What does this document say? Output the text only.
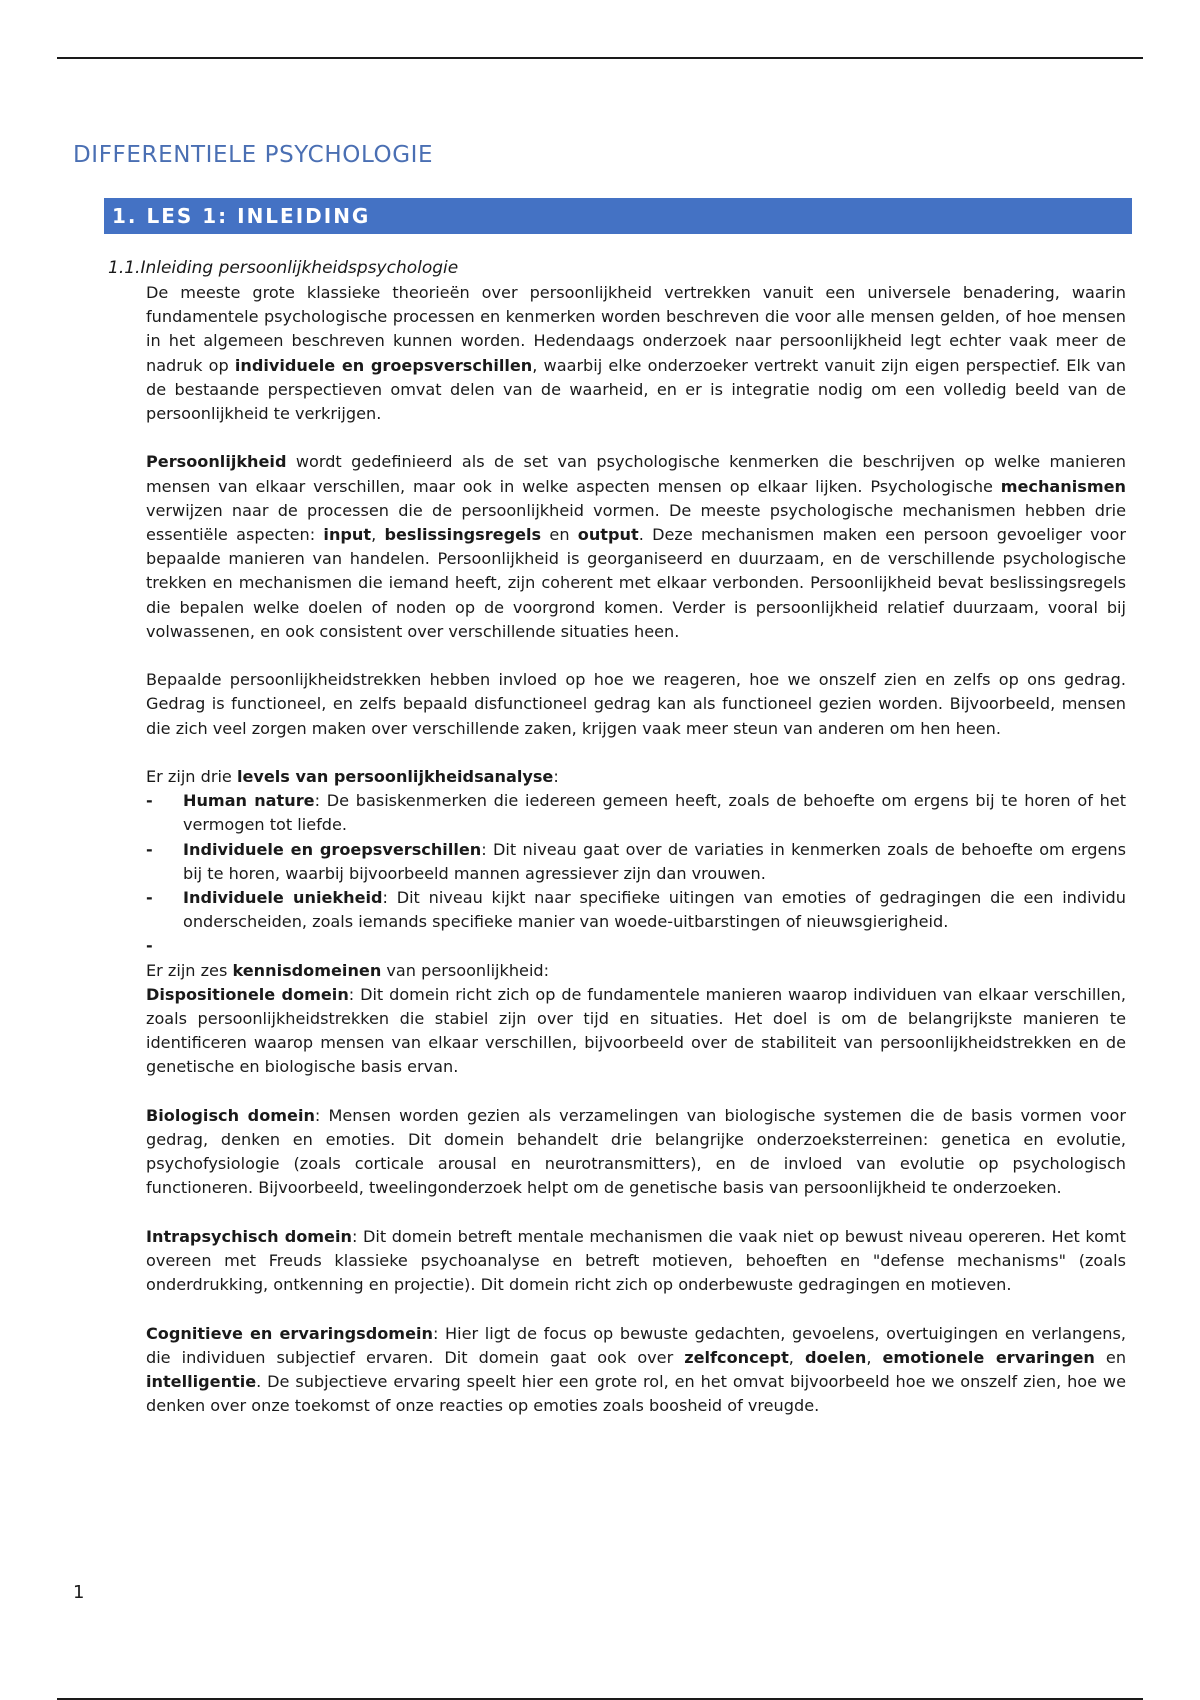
DIFFERENTIELE PSYCHOLOGIE
1. LES 1: INLEIDING
1.1.Inleiding persoonlijkheidspsychologie

De meeste grote klassieke theorieën over persoonlijkheid vertrekken vanuit een universele benadering, waarin fundamentele psychologische processen en kenmerken worden beschreven die voor alle mensen gelden, of hoe mensen in het algemeen beschreven kunnen worden. Hedendaags onderzoek naar persoonlijkheid legt echter vaak meer de nadruk op individuele en groepsverschillen, waarbij elke onderzoeker vertrekt vanuit zijn eigen perspectief. Elk van de bestaande perspectieven omvat delen van de waarheid, en er is integratie nodig om een volledig beeld van de persoonlijkheid te verkrijgen.

Persoonlijkheid wordt gedefinieerd als de set van psychologische kenmerken die beschrijven op welke manieren mensen van elkaar verschillen, maar ook in welke aspecten mensen op elkaar lijken. Psychologische mechanismen verwijzen naar de processen die de persoonlijkheid vormen. De meeste psychologische mechanismen hebben drie essentiële aspecten: input, beslissingsregels en output. Deze mechanismen maken een persoon gevoeliger voor bepaalde manieren van handelen. Persoonlijkheid is georganiseerd en duurzaam, en de verschillende psychologische trekken en mechanismen die iemand heeft, zijn coherent met elkaar verbonden. Persoonlijkheid bevat beslissingsregels die bepalen welke doelen of noden op de voorgrond komen. Verder is persoonlijkheid relatief duurzaam, vooral bij volwassenen, en ook consistent over verschillende situaties heen.

Bepaalde persoonlijkheidstrekken hebben invloed op hoe we reageren, hoe we onszelf zien en zelfs op ons gedrag. Gedrag is functioneel, en zelfs bepaald disfunctioneel gedrag kan als functioneel gezien worden. Bijvoorbeeld, mensen die zich veel zorgen maken over verschillende zaken, krijgen vaak meer steun van anderen om hen heen.

Er zijn drie levels van persoonlijkheidsanalyse:

- Human nature: De basiskenmerken die iedereen gemeen heeft, zoals de behoefte om ergens bij te horen of het vermogen tot liefde.
- Individuele en groepsverschillen: Dit niveau gaat over de variaties in kenmerken zoals de behoefte om ergens bij te horen, waarbij bijvoorbeeld mannen agressiever zijn dan vrouwen.
- Individuele uniekheid: Dit niveau kijkt naar specifieke uitingen van emoties of gedragingen die een individu onderscheiden, zoals iemands specifieke manier van woede-uitbarstingen of nieuwsgierigheid.
-

Er zijn zes kennisdomeinen van persoonlijkheid:

Dispositionele domein: Dit domein richt zich op de fundamentele manieren waarop individuen van elkaar verschillen, zoals persoonlijkheidstrekken die stabiel zijn over tijd en situaties. Het doel is om de belangrijkste manieren te identificeren waarop mensen van elkaar verschillen, bijvoorbeeld over de stabiliteit van persoonlijkheidstrekken en de genetische en biologische basis ervan.

Biologisch domein: Mensen worden gezien als verzamelingen van biologische systemen die de basis vormen voor gedrag, denken en emoties. Dit domein behandelt drie belangrijke onderzoeksterreinen: genetica en evolutie, psychofysiologie (zoals corticale arousal en neurotransmitters), en de invloed van evolutie op psychologisch functioneren. Bijvoorbeeld, tweelingonderzoek helpt om de genetische basis van persoonlijkheid te onderzoeken.

Intrapsychisch domein: Dit domein betreft mentale mechanismen die vaak niet op bewust niveau opereren. Het komt overeen met Freuds klassieke psychoanalyse en betreft motieven, behoeften en "defense mechanisms" (zoals onderdrukking, ontkenning en projectie). Dit domein richt zich op onderbewuste gedragingen en motieven.

Cognitieve en ervaringsdomein: Hier ligt de focus op bewuste gedachten, gevoelens, overtuigingen en verlangens, die individuen subjectief ervaren. Dit domein gaat ook over zelfconcept, doelen, emotionele ervaringen en intelligentie. De subjectieve ervaring speelt hier een grote rol, en het omvat bijvoorbeeld hoe we onszelf zien, hoe we denken over onze toekomst of onze reacties op emoties zoals boosheid of vreugde.

1
